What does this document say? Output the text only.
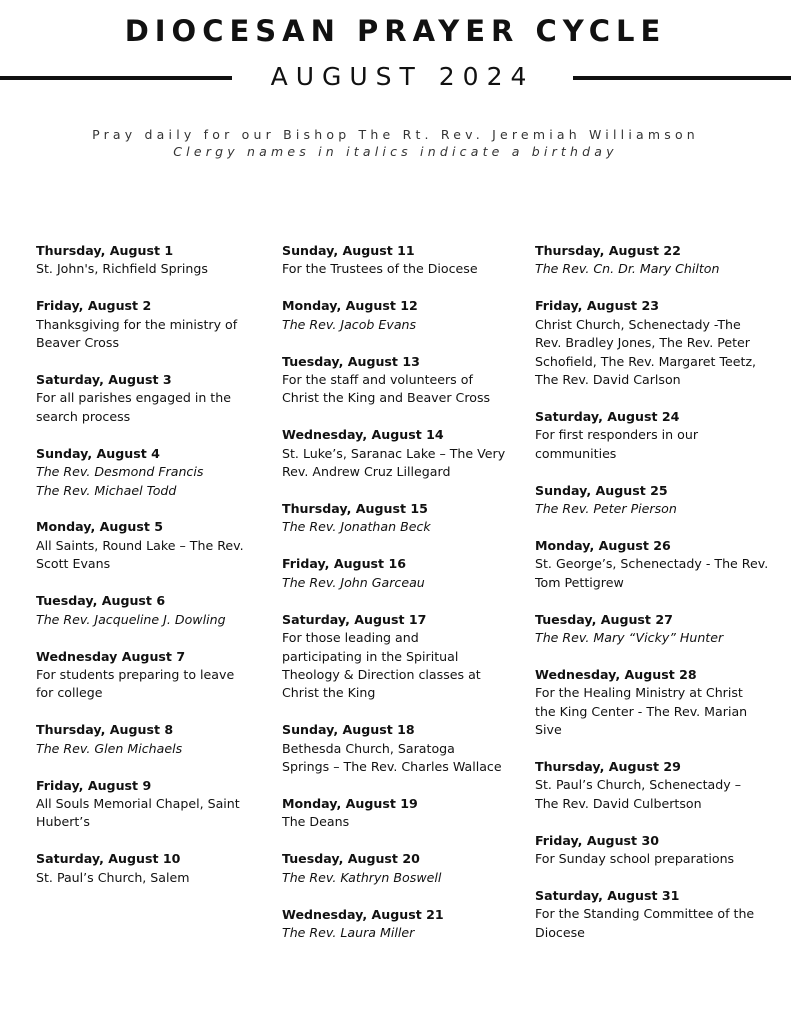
DIOCESAN PRAYER CYCLE
AUGUST 2024
Pray daily for our Bishop The Rt. Rev. Jeremiah Williamson
Clergy names in italics indicate a birthday
Thursday, August 1
St. John's, Richfield Springs
Friday, August 2
Thanksgiving for the ministry of
Beaver Cross
Saturday, August 3
For all parishes engaged in the
search process
Sunday, August 4
The Rev. Desmond Francis
The Rev. Michael Todd
Monday, August 5
All Saints, Round Lake – The Rev.
Scott Evans
Tuesday, August 6
The Rev. Jacqueline J. Dowling
Wednesday August 7
For students preparing to leave
for college
Thursday, August 8
The Rev. Glen Michaels
Friday, August 9
All Souls Memorial Chapel, Saint
Hubert’s
Saturday, August 10
St. Paul’s Church, Salem
Sunday, August 11
For the Trustees of the Diocese
Monday, August 12
The Rev. Jacob Evans
Tuesday, August 13
For the staff and volunteers of
Christ the King and Beaver Cross
Wednesday, August 14
St. Luke’s, Saranac Lake – The Very
Rev. Andrew Cruz Lillegard
Thursday, August 15
The Rev. Jonathan Beck
Friday, August 16
The Rev. John Garceau
Saturday, August 17
For those leading and
participating in the Spiritual
Theology & Direction classes at
Christ the King
Sunday, August 18
Bethesda Church, Saratoga
Springs – The Rev. Charles Wallace
Monday, August 19
The Deans
Tuesday, August 20
The Rev. Kathryn Boswell
Wednesday, August 21
The Rev. Laura Miller
Thursday, August 22
The Rev. Cn. Dr. Mary Chilton
Friday, August 23
Christ Church, Schenectady -The
Rev. Bradley Jones, The Rev. Peter
Schofield, The Rev. Margaret Teetz,
The Rev. David Carlson
Saturday, August 24
For first responders in our
communities
Sunday, August 25
The Rev. Peter Pierson
Monday, August 26
St. George’s, Schenectady - The Rev.
Tom Pettigrew
Tuesday, August 27
The Rev. Mary “Vicky” Hunter
Wednesday, August 28
For the Healing Ministry at Christ
the King Center - The Rev. Marian
Sive
Thursday, August 29
St. Paul’s Church, Schenectady –
The Rev. David Culbertson
Friday, August 30
For Sunday school preparations
Saturday, August 31
For the Standing Committee of the
Diocese
